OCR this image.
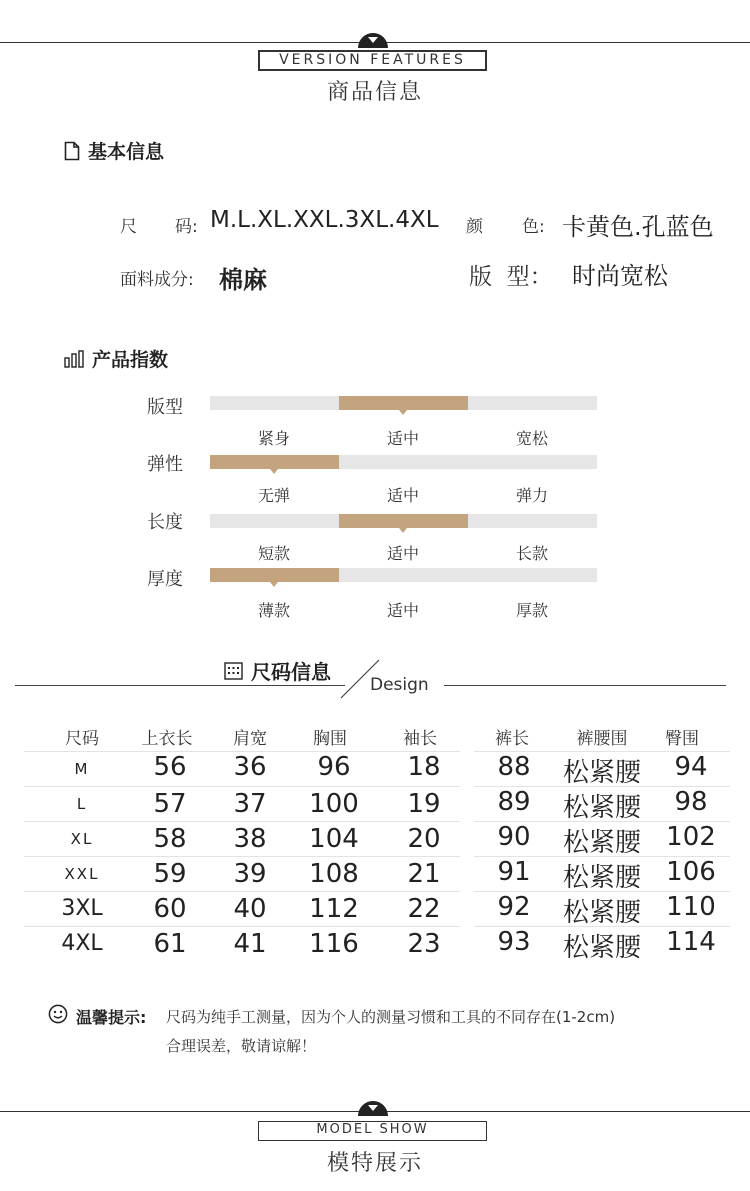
VERSION FEATURES
商品信息
基本信息
尺 码: M.L.XL.XXL.3XL.4XL 颜 色: 卡黄色.孔蓝色
面料成分: 棉麻	版  型： 时尚宽松
产品指数
版型
紧身	适中	宽松
弹性
无弹	适中	弹力
长度
短款	适中	长款
厚度
薄款	适中	厚款
尺码信息
Design
尺码	上衣长	肩宽	胸围	袖长	裤长	裤腰围	臀围
M	56	36	96	18	88	松紧腰	94
L	57	37	100	19	89	松紧腰	98
XL	58	38	104	20	90	松紧腰 102
XXL	59	39	108	21	91	松紧腰 106
3XL	60	40	112	22	92	松紧腰 110
4XL	61	41	116	23	93	松紧腰 114
温馨提示: 尺码为纯手工测量，因为个人的测量习惯和工具的不同存在(1-2cm)
合理误差，敬请谅解！
MODEL SHOW
模特展示
